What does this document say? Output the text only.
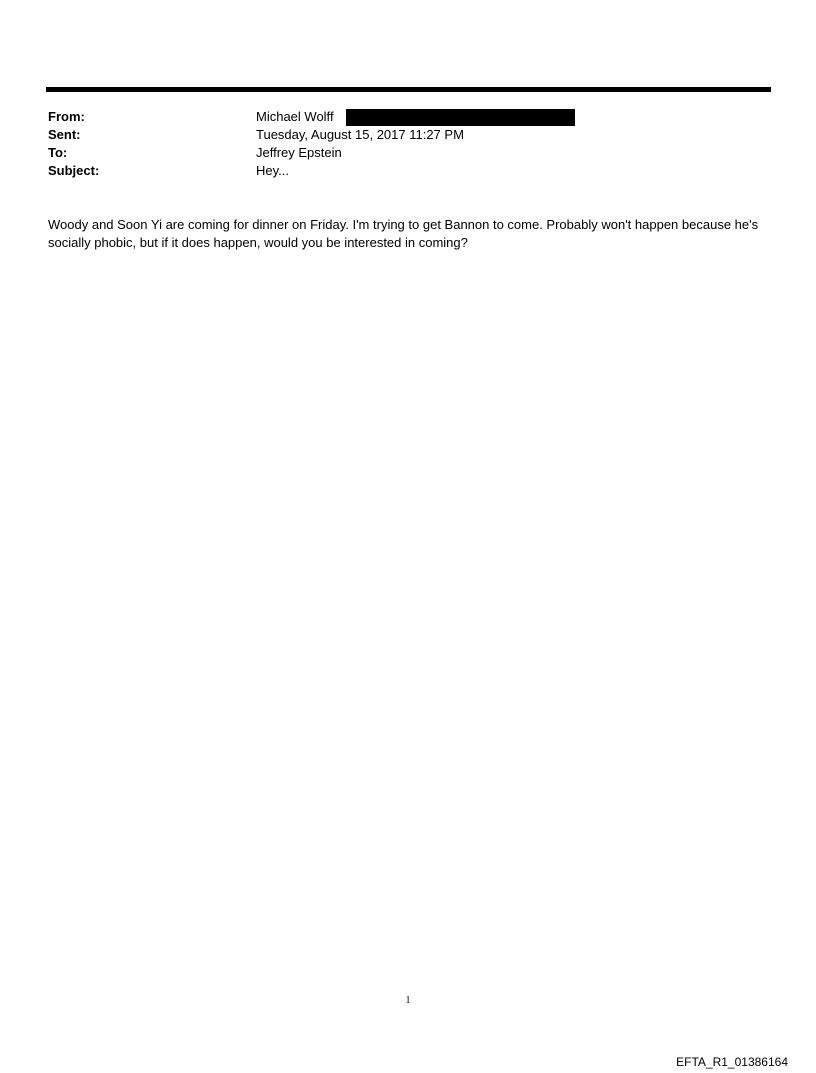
From:	Michael Wolff
Sent:	Tuesday, August 15, 2017 11:27 PM
To:	Jeffrey Epstein
Subject:	Hey...
Woody and Soon Yi are coming for dinner on Friday. I'm trying to get Bannon to come. Probably won't happen because he's socially phobic, but if it does happen, would you be interested in coming?
1
EFTA_R1_01386164
